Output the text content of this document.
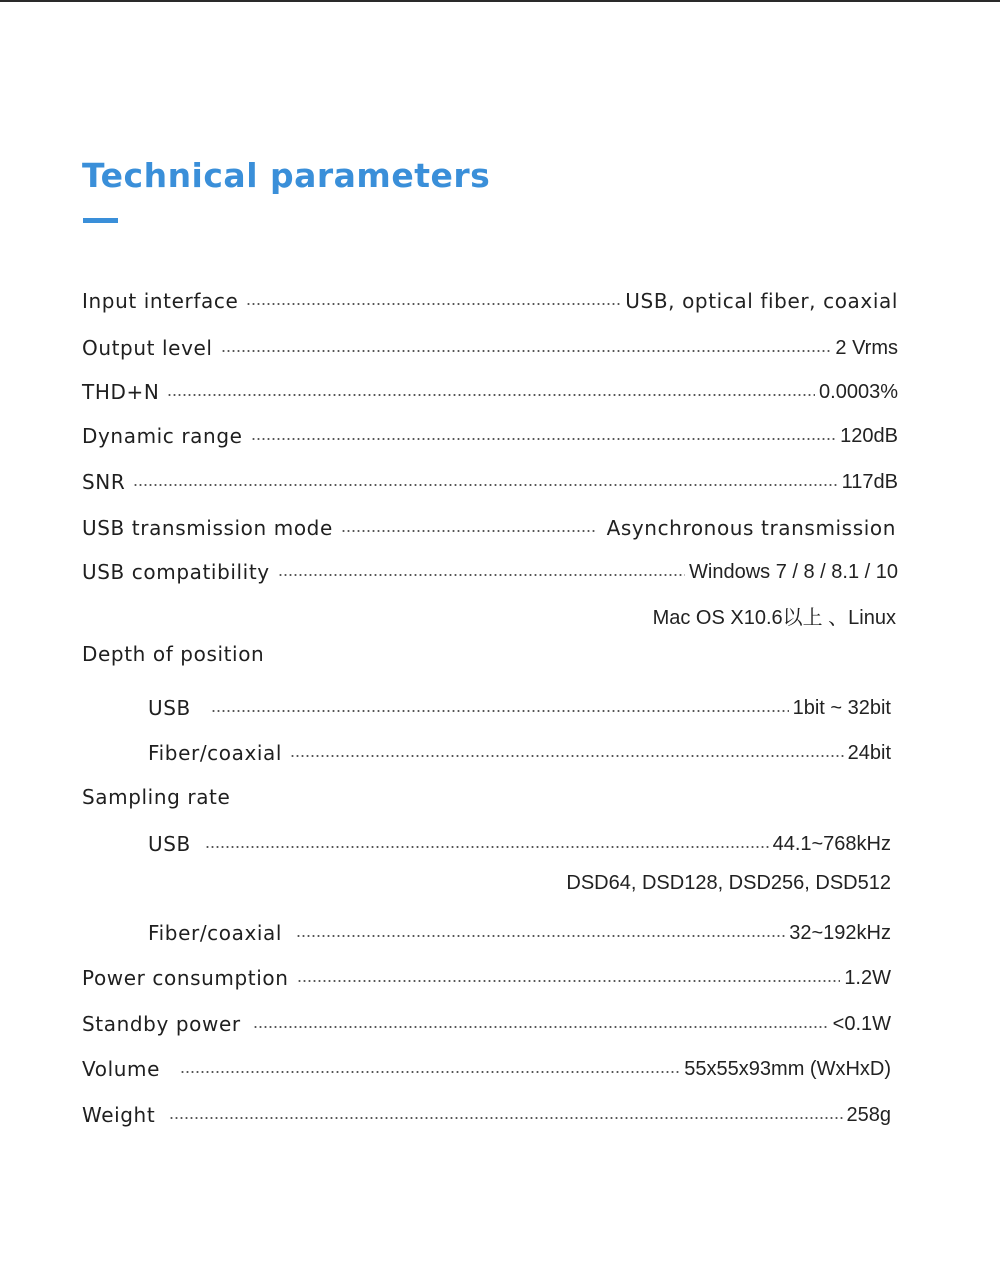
Technical parameters
Input interface	USB, optical fiber, coaxial
Output level	2 Vrms
THD+N	0.0003%
Dynamic range	120dB
SNR	117dB
USB transmission mode	Asynchronous transmission
USB compatibility	Windows 7 / 8 / 8.1 / 10
Mac OS X10.6以上 、Linux
Depth of position
USB	1bit ~ 32bit
Fiber/coaxial	24bit
Sampling rate
USB	44.1~768kHz
DSD64, DSD128, DSD256, DSD512
Fiber/coaxial	32~192kHz
Power consumption	1.2W
Standby power	<0.1W
Volume	55x55x93mm (WxHxD)
Weight	258g
